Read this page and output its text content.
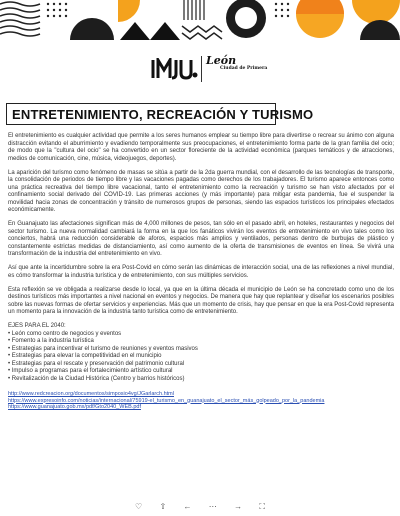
León
Ciudad de Primera
ENTRETENIMIENTO, RECREACIÓN Y TURISMO

El entretenimiento es cualquier actividad que permite a los seres humanos emplear su tiempo libre para divertirse o recrear su ánimo con alguna distracción evitando el aburrimiento y evadiendo temporalmente sus preocupaciones, el entretenimiento forma parte de la gran familia del ocio; de modo que la "cultura del ocio" se ha convertido en un sector floreciente de la actividad económica (parques temáticos y de atracciones, medios de comunicación, cine, música, videojuegos, deportes).

La aparición del turismo como fenómeno de masas se sitúa a partir de la 2da guerra mundial, con el desarrollo de las tecnologías de transporte, la consolidación de periodos de tiempo libre y las vacaciones pagadas como derechos de los trabajadores. El turismo aparece entonces como una práctica recreativa del tiempo libre vacacional, tanto el entretenimiento como la recreación y turismo se han visto afectados por el confinamiento social derivado del COVID-19. Las primeras acciones (y más importante) para mitigar esta pandemia, fue el suspender la movilidad hacia zonas de concentración y tránsito de numerosos grupos de personas, siendo las espacios turísticos los principales efectados económicamente.

En Guanajuato las afectaciones significan más de 4,000 millones de pesos, tan sólo en el pasado abril, en hoteles, restaurantes y negocios del sector turismo. La nueva normalidad cambiará la forma en la que los fanáticos vivirán los eventos de entretenimiento en vivo tales como los conciertos, habrá una reducción considerable de aforos, espacios más amplios y ventilados, personas dentro de burbujas de plástico y constantemente estrictas medidas de distanciamiento, así como aumento de la oferta de transmisiones de eventos en línea. Se vivirá una transformación de la industria del entretenimiento en vivo.

Así que ante la incertidumbre sobre la era Post-Covid en cómo serán las dinámicas de interacción social, una de las reflexiones a nivel mundial, es cómo transformar la industria turística y de entretenimiento, con sus múltiples servicios.

Esta reflexión se ve obligada a realizarse desde lo local, ya que en la última década el municipio de León se ha concretado como uno de los destinos turísticos más importantes a nivel nacional en eventos y negocios. De manera que hay que replantear y diseñar los escenarios posibles sobre las nuevas formas de ofertar servicios y experiencias. Más que un momento de crisis, hay que pensar en que la era Post-Covid representa un momento para la innovación de la industria tanto turística como de entretenimiento.

EJES PARA EL 2040:
• León como centro de negocios y eventos
• Fomento a la industria turística
• Estrategias para incentivar el turismo de reuniones y eventos masivos
• Estrategias para elevar la competitividad en el municipio
• Estrategias para el rescate y preservación del patrimonio cultural
• Impulso a programas para el fortalecimiento artístico cultural
• Revitalización de la Ciudad Histórica (Centro y barrios históricos)
http://www.redcreacion.org/documentos/simposio4vg/JGarlarch.html
https://www.expresoinfo.com/noticias/internacional/75919-el_turismo_en_guanajuato_el_sector_más_golpeado_por_la_pandemia
https://www.guanajuato.gob.mx/pdf/Gto2040_WEB.pdf
♡ ⇧ ← ⋯ → ⛶
